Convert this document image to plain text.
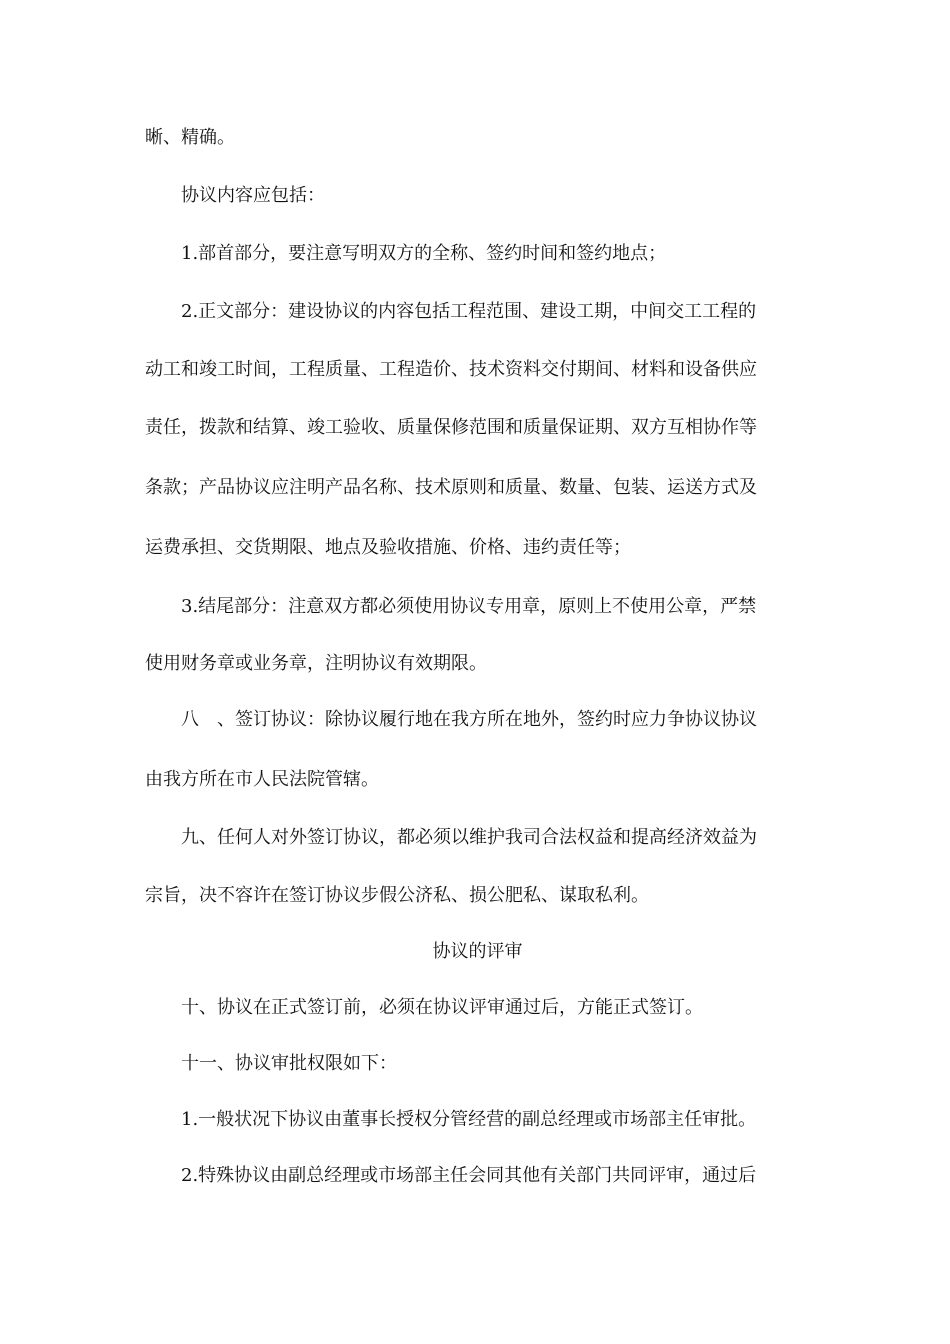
晰、精确。
协议内容应包括：
1.部首部分，要注意写明双方的全称、签约时间和签约地点；
2.正文部分：建设协议的内容包括工程范围、建设工期，中间交工工程的
动工和竣工时间，工程质量、工程造价、技术资料交付期间、材料和设备供应
责任，拨款和结算、竣工验收、质量保修范围和质量保证期、双方互相协作等
条款；产品协议应注明产品名称、技术原则和质量、数量、包装、运送方式及
运费承担、交货期限、地点及验收措施、价格、违约责任等；
3.结尾部分：注意双方都必须使用协议专用章，原则上不使用公章，严禁
使用财务章或业务章，注明协议有效期限。
八　、签订协议：除协议履行地在我方所在地外，签约时应力争协议协议
由我方所在市人民法院管辖。
九、任何人对外签订协议，都必须以维护我司合法权益和提高经济效益为
宗旨，决不容许在签订协议步假公济私、损公肥私、谋取私利。
协议的评审
十、协议在正式签订前，必须在协议评审通过后，方能正式签订。
十一、协议审批权限如下：
1.一般状况下协议由董事长授权分管经营的副总经理或市场部主任审批。
2.特殊协议由副总经理或市场部主任会同其他有关部门共同评审，通过后
